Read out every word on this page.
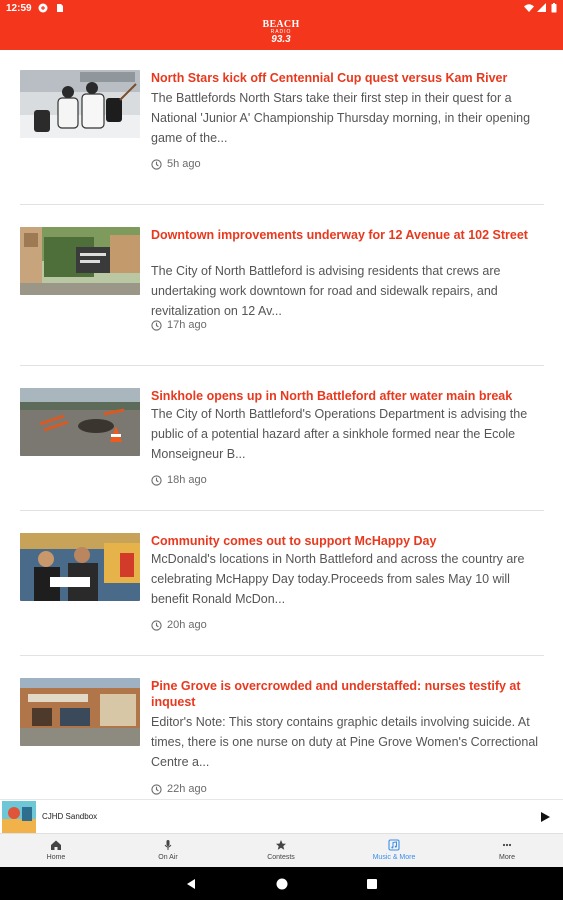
12:59
BEACH
RADIO
93.3
North Stars kick off Centennial Cup quest versus Kam River
The Battlefords North Stars take their first step in their quest for a National 'Junior A' Championship Thursday morning, in their opening game of the...
5h ago
Downtown improvements underway for 12 Avenue at 102 Street
The City of North Battleford is advising residents that crews are undertaking work downtown for road and sidewalk repairs, and revitalization on 12 Av...
17h ago
Sinkhole opens up in North Battleford after water main break
The City of North Battleford's Operations Department is advising the public of a potential hazard after a sinkhole formed near the Ecole Monseigneur B...
18h ago
Community comes out to support McHappy Day
McDonald's locations in North Battleford and across the country are celebrating McHappy Day today.Proceeds from sales May 10 will benefit Ronald McDon...
20h ago
Pine Grove is overcrowded and understaffed: nurses testify at inquest
Editor's Note: This story contains graphic details involving suicide. At times, there is one nurse on duty at Pine Grove Women's Correctional Centre a...
22h ago
CJHD Sandbox
Home	On Air	Contests	Music & More	More
